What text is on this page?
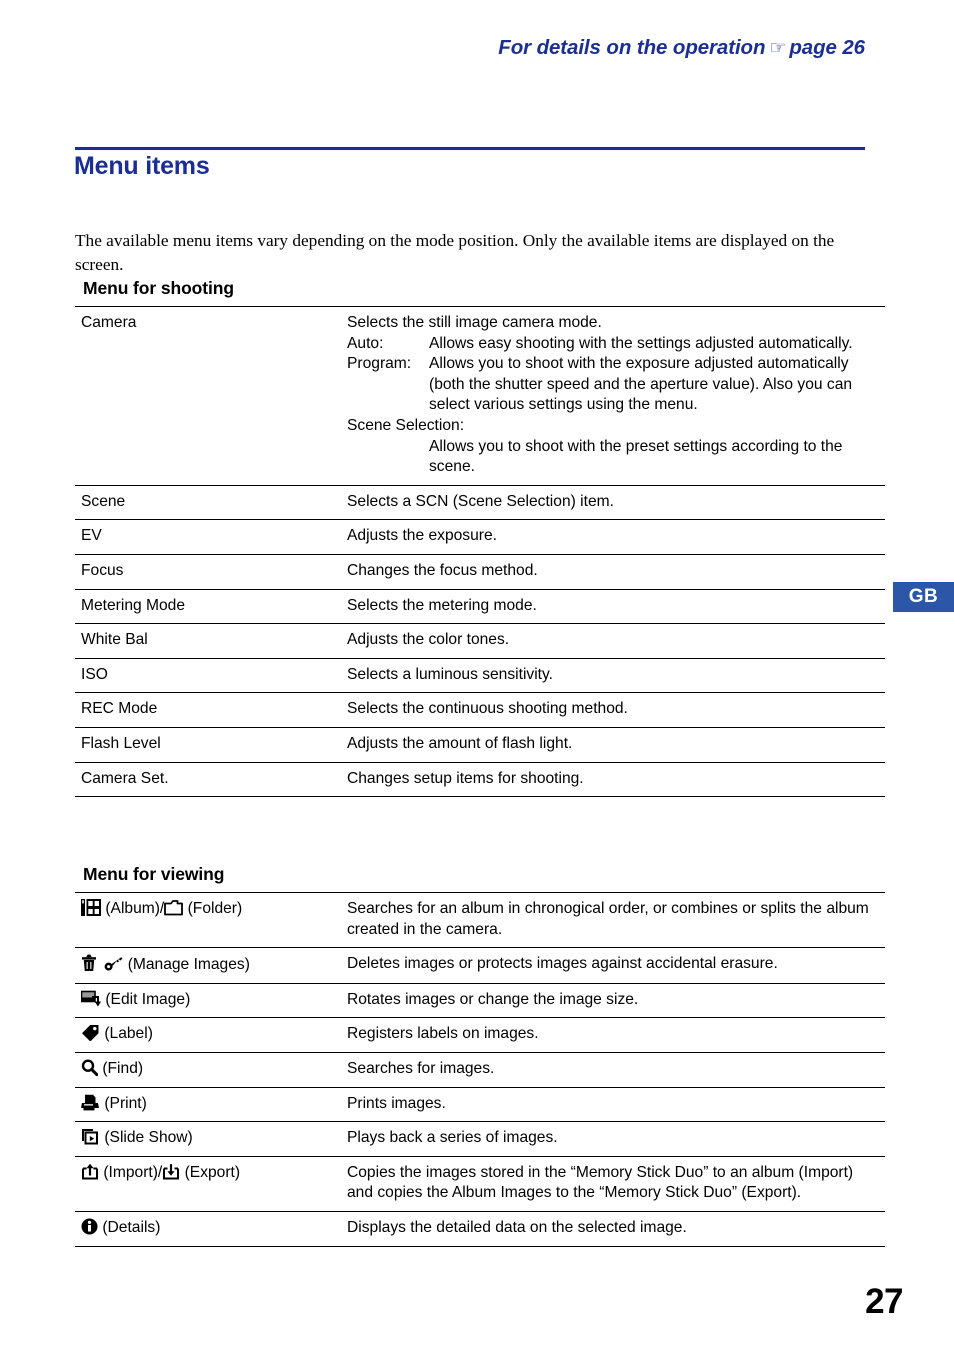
For details on the operation ☞ page 26
Menu items

The available menu items vary depending on the mode position. Only the available items are displayed on the screen.

Menu for shooting
Camera	Selects the still image camera mode.
Auto:	Allows easy shooting with the settings adjusted automatically.
Program:	Allows you to shoot with the exposure adjusted automatically (both the shutter speed and the aperture value). Also you can select various settings using the menu.
Scene Selection:
Allows you to shoot with the preset settings according to the scene.

Scene	Selects a SCN (Scene Selection) item.
EV	Adjusts the exposure.
Focus	Changes the focus method.
Metering Mode	Selects the metering mode.
White Bal	Adjusts the color tones.
ISO	Selects a luminous sensitivity.
REC Mode	Selects the continuous shooting method.
Flash Level	Adjusts the amount of flash light.
Camera Set.	Changes setup items for shooting.
Menu for viewing
(Album)/ (Folder)	Searches for an album in chronogical order, or combines or splits the album created in the camera.

(Manage Images)	Deletes images or protects images against accidental erasure.

(Edit Image)	Rotates images or change the image size.

(Label)	Registers labels on images.

(Find)	Searches for images.

(Print)	Prints images.

(Slide Show)	Plays back a series of images.

(Import)/ (Export)	Copies the images stored in the “Memory Stick Duo” to an album (Import) and copies the Album Images to the “Memory Stick Duo” (Export).

(Details)	Displays the detailed data on the selected image.
GB
27
